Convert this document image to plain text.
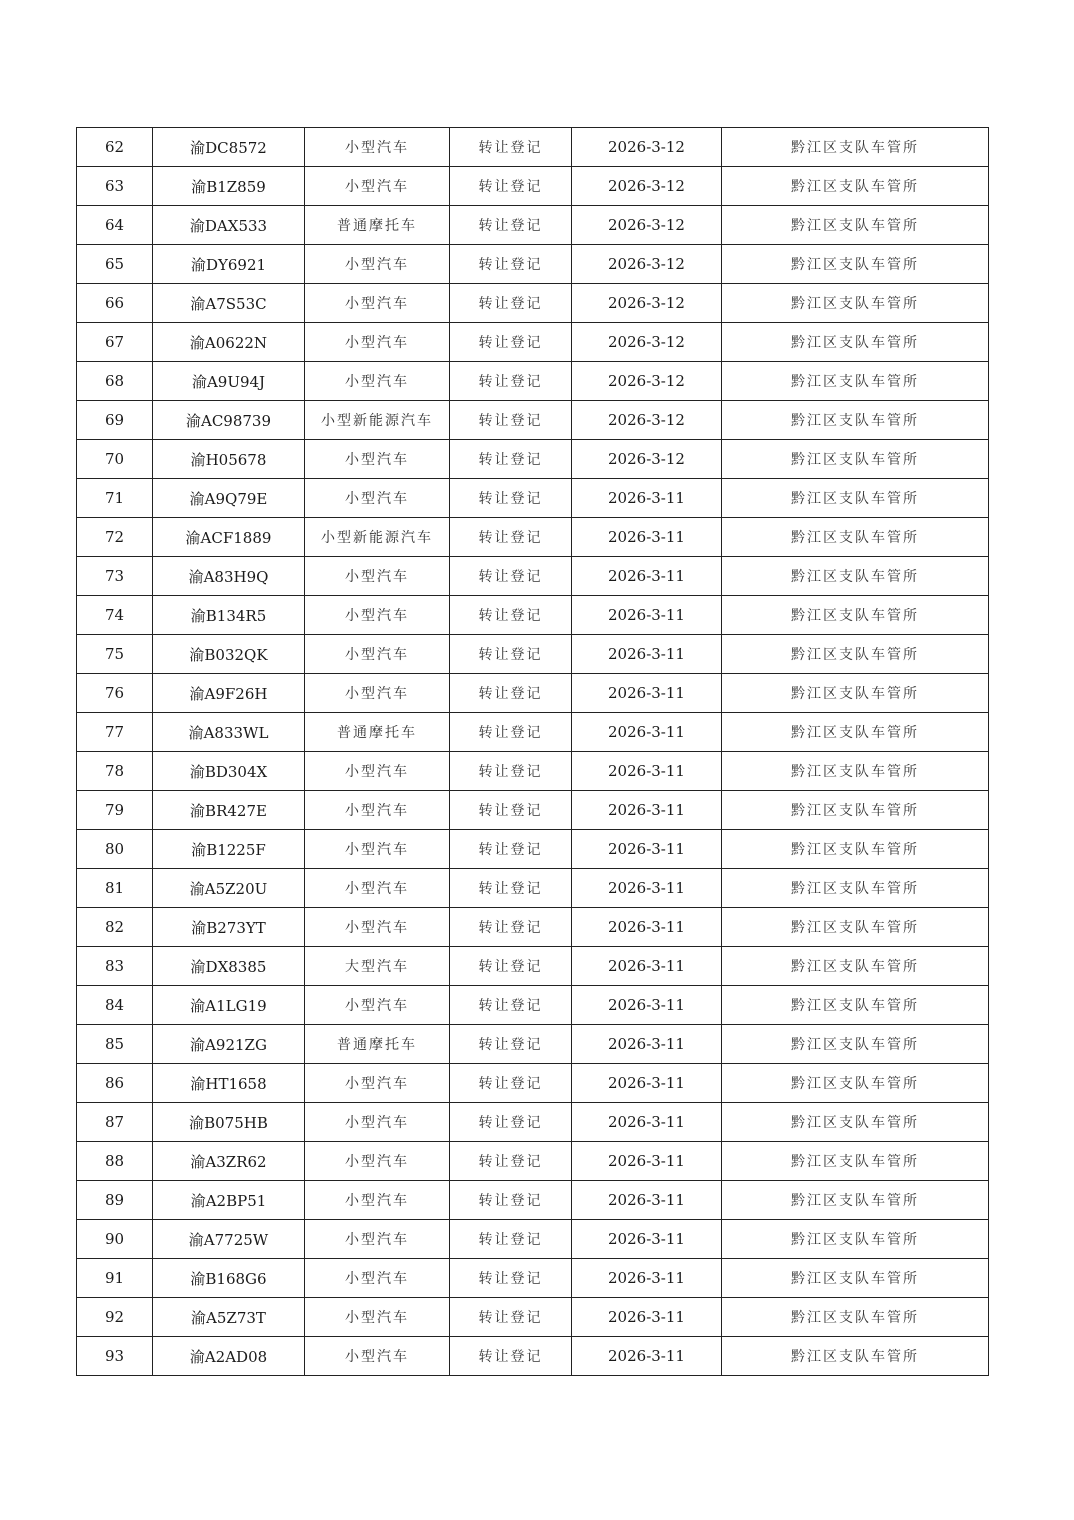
62	渝DC8572	小型汽车	转让登记	2026-3-12	黔江区支队车管所
63	渝B1Z859	小型汽车	转让登记	2026-3-12	黔江区支队车管所
64	渝DAX533	普通摩托车	转让登记	2026-3-12	黔江区支队车管所
65	渝DY6921	小型汽车	转让登记	2026-3-12	黔江区支队车管所
66	渝A7S53C	小型汽车	转让登记	2026-3-12	黔江区支队车管所
67	渝A0622N	小型汽车	转让登记	2026-3-12	黔江区支队车管所
68	渝A9U94J	小型汽车	转让登记	2026-3-12	黔江区支队车管所
69	渝AC98739	小型新能源汽车	转让登记	2026-3-12	黔江区支队车管所
70	渝H05678	小型汽车	转让登记	2026-3-12	黔江区支队车管所
71	渝A9Q79E	小型汽车	转让登记	2026-3-11	黔江区支队车管所
72	渝ACF1889	小型新能源汽车	转让登记	2026-3-11	黔江区支队车管所
73	渝A83H9Q	小型汽车	转让登记	2026-3-11	黔江区支队车管所
74	渝B134R5	小型汽车	转让登记	2026-3-11	黔江区支队车管所
75	渝B032QK	小型汽车	转让登记	2026-3-11	黔江区支队车管所
76	渝A9F26H	小型汽车	转让登记	2026-3-11	黔江区支队车管所
77	渝A833WL	普通摩托车	转让登记	2026-3-11	黔江区支队车管所
78	渝BD304X	小型汽车	转让登记	2026-3-11	黔江区支队车管所
79	渝BR427E	小型汽车	转让登记	2026-3-11	黔江区支队车管所
80	渝B1225F	小型汽车	转让登记	2026-3-11	黔江区支队车管所
81	渝A5Z20U	小型汽车	转让登记	2026-3-11	黔江区支队车管所
82	渝B273YT	小型汽车	转让登记	2026-3-11	黔江区支队车管所
83	渝DX8385	大型汽车	转让登记	2026-3-11	黔江区支队车管所
84	渝A1LG19	小型汽车	转让登记	2026-3-11	黔江区支队车管所
85	渝A921ZG	普通摩托车	转让登记	2026-3-11	黔江区支队车管所
86	渝HT1658	小型汽车	转让登记	2026-3-11	黔江区支队车管所
87	渝B075HB	小型汽车	转让登记	2026-3-11	黔江区支队车管所
88	渝A3ZR62	小型汽车	转让登记	2026-3-11	黔江区支队车管所
89	渝A2BP51	小型汽车	转让登记	2026-3-11	黔江区支队车管所
90	渝A7725W	小型汽车	转让登记	2026-3-11	黔江区支队车管所
91	渝B168G6	小型汽车	转让登记	2026-3-11	黔江区支队车管所
92	渝A5Z73T	小型汽车	转让登记	2026-3-11	黔江区支队车管所
93	渝A2AD08	小型汽车	转让登记	2026-3-11	黔江区支队车管所
